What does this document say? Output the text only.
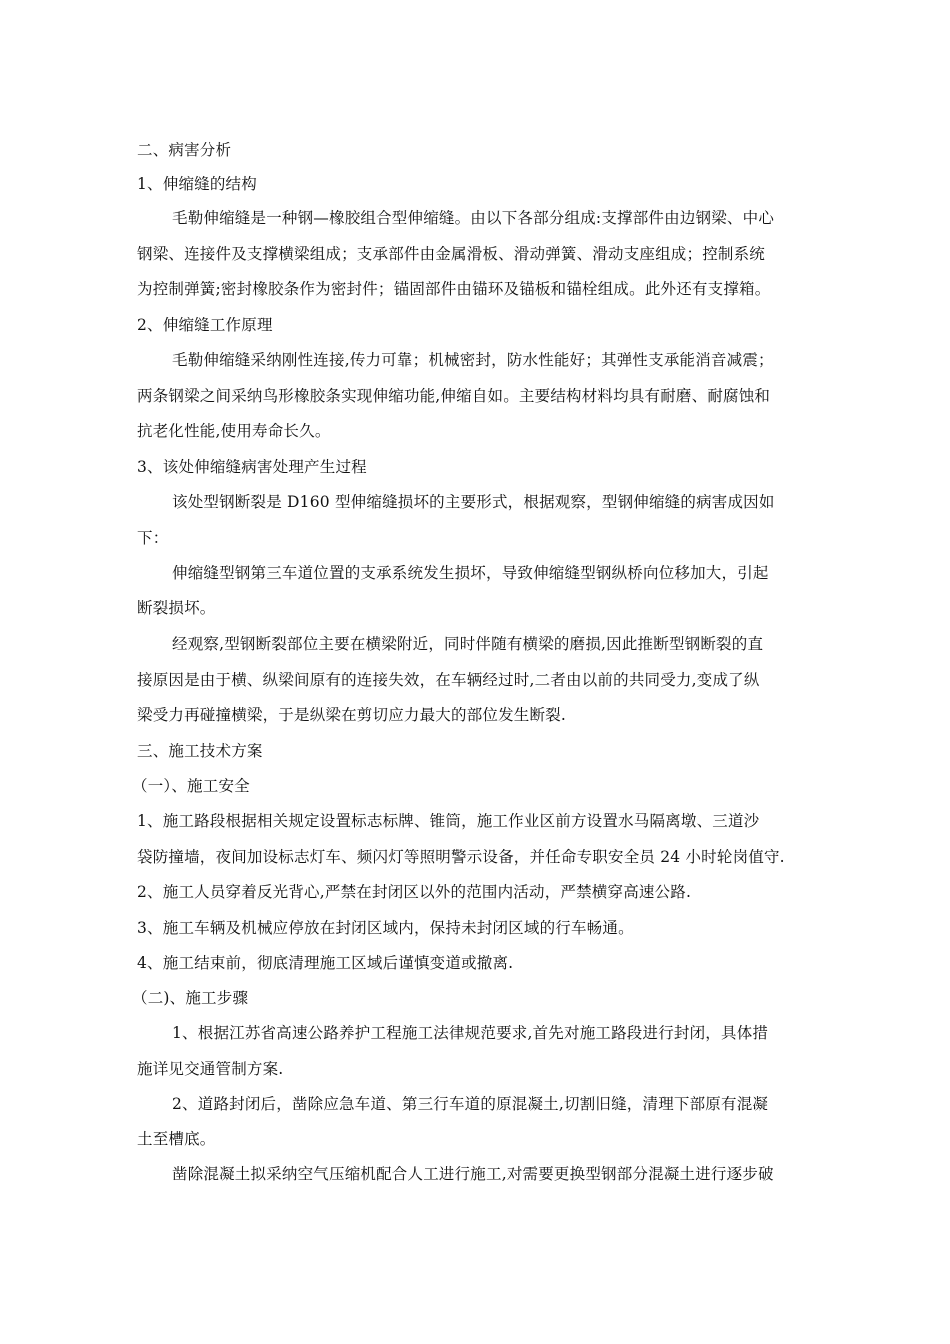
二、病害分析
1、伸缩缝的结构
毛勒伸缩缝是一种钢—橡胶组合型伸缩缝。由以下各部分组成:支撑部件由边钢梁、中心
钢梁、连接件及支撑横梁组成；支承部件由金属滑板、滑动弹簧、滑动支座组成；控制系统
为控制弹簧;密封橡胶条作为密封件；锚固部件由锚环及锚板和锚栓组成。此外还有支撑箱。
2、伸缩缝工作原理
毛勒伸缩缝采纳刚性连接,传力可靠；机械密封，防水性能好；其弹性支承能消音减震；
两条钢梁之间采纳鸟形橡胶条实现伸缩功能,伸缩自如。主要结构材料均具有耐磨、耐腐蚀和
抗老化性能,使用寿命长久。
3、该处伸缩缝病害处理产生过程
该处型钢断裂是 D160 型伸缩缝损坏的主要形式，根据观察，型钢伸缩缝的病害成因如
下：
伸缩缝型钢第三车道位置的支承系统发生损坏，导致伸缩缝型钢纵桥向位移加大，引起
断裂损坏。
经观察,型钢断裂部位主要在横梁附近，同时伴随有横梁的磨损,因此推断型钢断裂的直
接原因是由于横、纵梁间原有的连接失效，在车辆经过时,二者由以前的共同受力,变成了纵
梁受力再碰撞横梁，于是纵梁在剪切应力最大的部位发生断裂.
三、施工技术方案
（一）、施工安全
1、施工路段根据相关规定设置标志标牌、锥筒，施工作业区前方设置水马隔离墩、三道沙
袋防撞墙，夜间加设标志灯车、频闪灯等照明警示设备，并任命专职安全员 24 小时轮岗值守.
2、施工人员穿着反光背心,严禁在封闭区以外的范围内活动，严禁横穿高速公路.
3、施工车辆及机械应停放在封闭区域内，保持未封闭区域的行车畅通。
4、施工结束前，彻底清理施工区域后谨慎变道或撤离.
（二)、施工步骤
1、根据江苏省高速公路养护工程施工法律规范要求,首先对施工路段进行封闭，具体措
施详见交通管制方案.
2、道路封闭后，凿除应急车道、第三行车道的原混凝土,切割旧缝，清理下部原有混凝
土至槽底。
凿除混凝土拟采纳空气压缩机配合人工进行施工,对需要更换型钢部分混凝土进行逐步破
